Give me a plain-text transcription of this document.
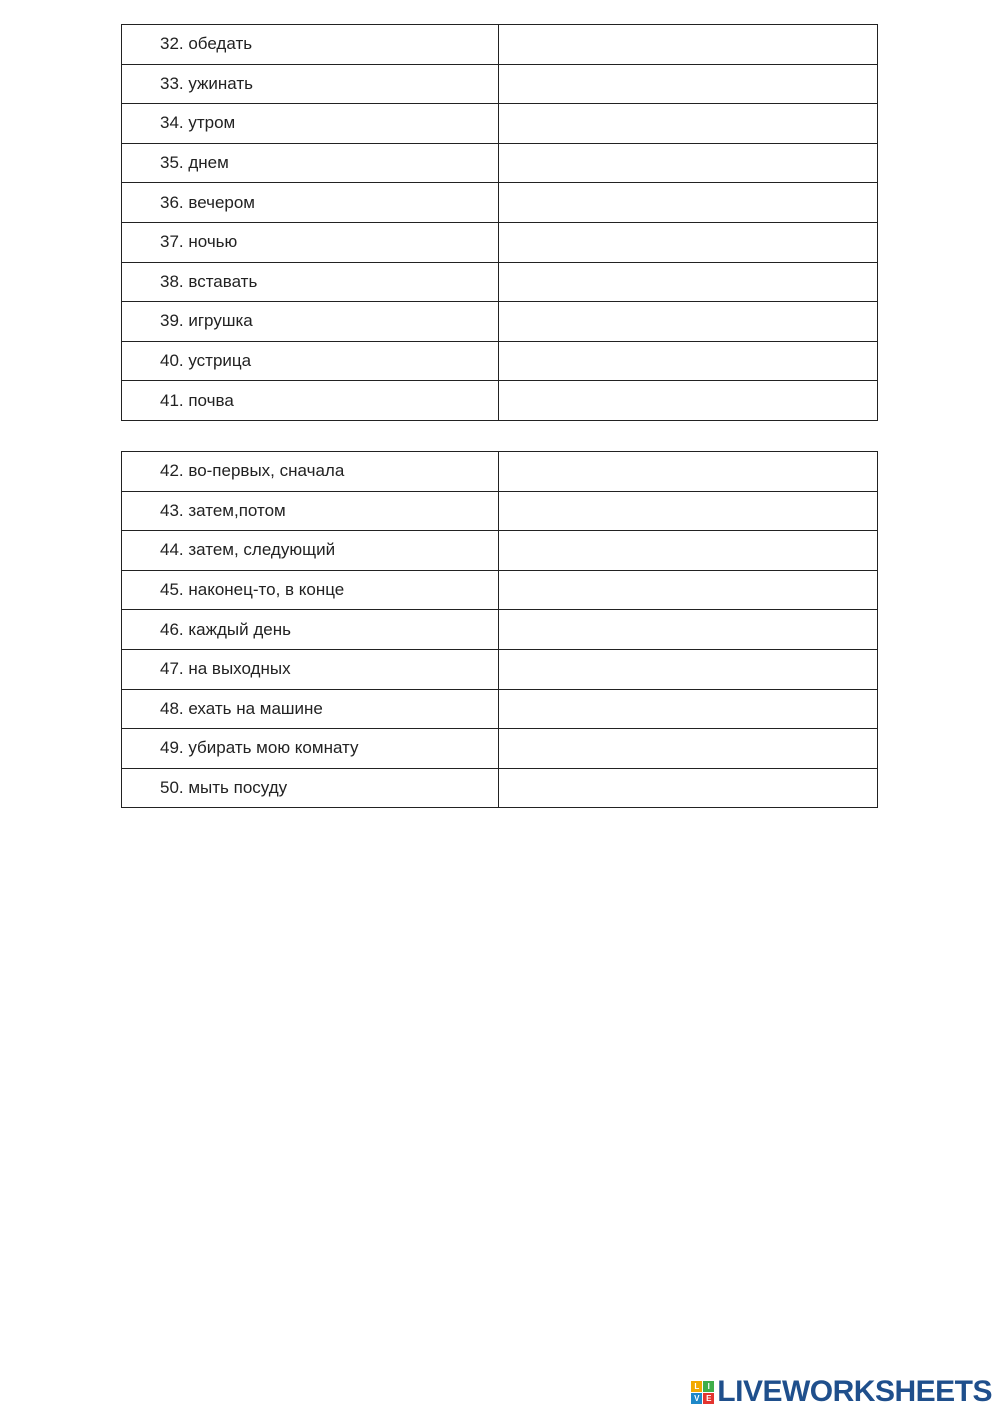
32. обедать	
33. ужинать	
34. утром	
35. днем	
36. вечером	
37. ночью	
38. вставать	
39. игрушка	
40. устрица	
41. почва	
42. во-первых, сначала	
43. затем,потом	
44. затем, следующий	
45. наконец-то, в конце	
46. каждый день	
47. на выходных	
48. ехать на машине	
49. убирать мою комнату	
50. мыть посуду	
L	I
V E LIVEWORKSHEETS
